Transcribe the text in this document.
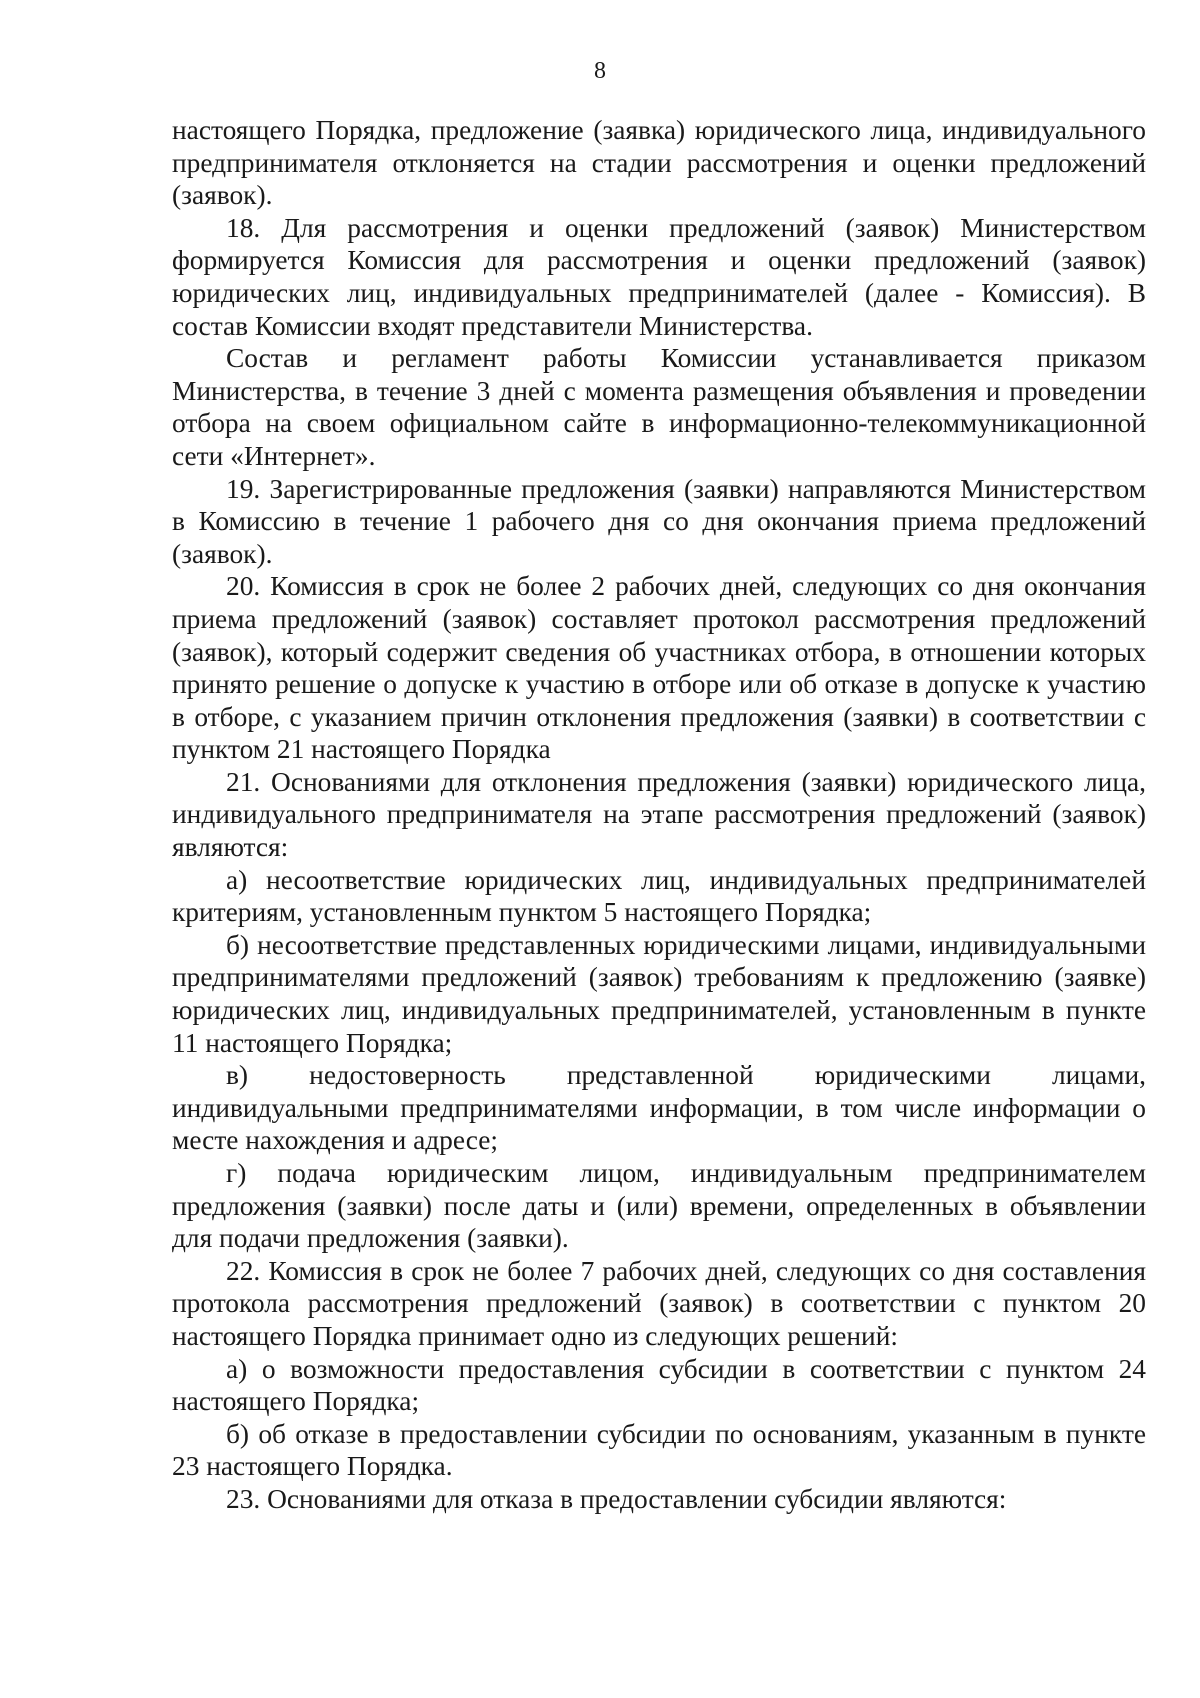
8

настоящего Порядка, предложение (заявка) юридического лица, индивидуального предпринимателя отклоняется на стадии рассмотрения и оценки предложений (заявок).

18. Для рассмотрения и оценки предложений (заявок) Министерством формируется Комиссия для рассмотрения и оценки предложений (заявок) юридических лиц, индивидуальных предпринимателей (далее - Комиссия). В состав Комиссии входят представители Министерства.

Состав и регламент работы Комиссии устанавливается приказом Министерства, в течение 3 дней с момента размещения объявления и проведении отбора на своем официальном сайте в информационно-телекоммуникационной сети «Интернет».

19. Зарегистрированные предложения (заявки) направляются Министерством в Комиссию в течение 1 рабочего дня со дня окончания приема предложений (заявок).

20. Комиссия в срок не более 2 рабочих дней, следующих со дня окончания приема предложений (заявок) составляет протокол рассмотрения предложений (заявок), который содержит сведения об участниках отбора, в отношении которых принято решение о допуске к участию в отборе или об отказе в допуске к участию в отборе, с указанием причин отклонения предложения (заявки) в соответствии с пунктом 21 настоящего Порядка

21. Основаниями для отклонения предложения (заявки) юридического лица, индивидуального предпринимателя на этапе рассмотрения предложений (заявок) являются:

а) несоответствие юридических лиц, индивидуальных предпринимателей критериям, установленным пунктом 5 настоящего Порядка;

б) несоответствие представленных юридическими лицами, индивидуальными предпринимателями предложений (заявок) требованиям к предложению (заявке) юридических лиц, индивидуальных предпринимателей, установленным в пункте 11 настоящего Порядка;

в) недостоверность представленной юридическими лицами, индивидуальными предпринимателями информации, в том числе информации о месте нахождения и адресе;

г) подача юридическим лицом, индивидуальным предпринимателем предложения (заявки) после даты и (или) времени, определенных в объявлении для подачи предложения (заявки).

22. Комиссия в срок не более 7 рабочих дней, следующих со дня составления протокола рассмотрения предложений (заявок) в соответствии с пунктом 20 настоящего Порядка принимает одно из следующих решений:

а) о возможности предоставления субсидии в соответствии с пунктом 24 настоящего Порядка;

б) об отказе в предоставлении субсидии по основаниям, указанным в пункте 23 настоящего Порядка.

23. Основаниями для отказа в предоставлении субсидии являются:
